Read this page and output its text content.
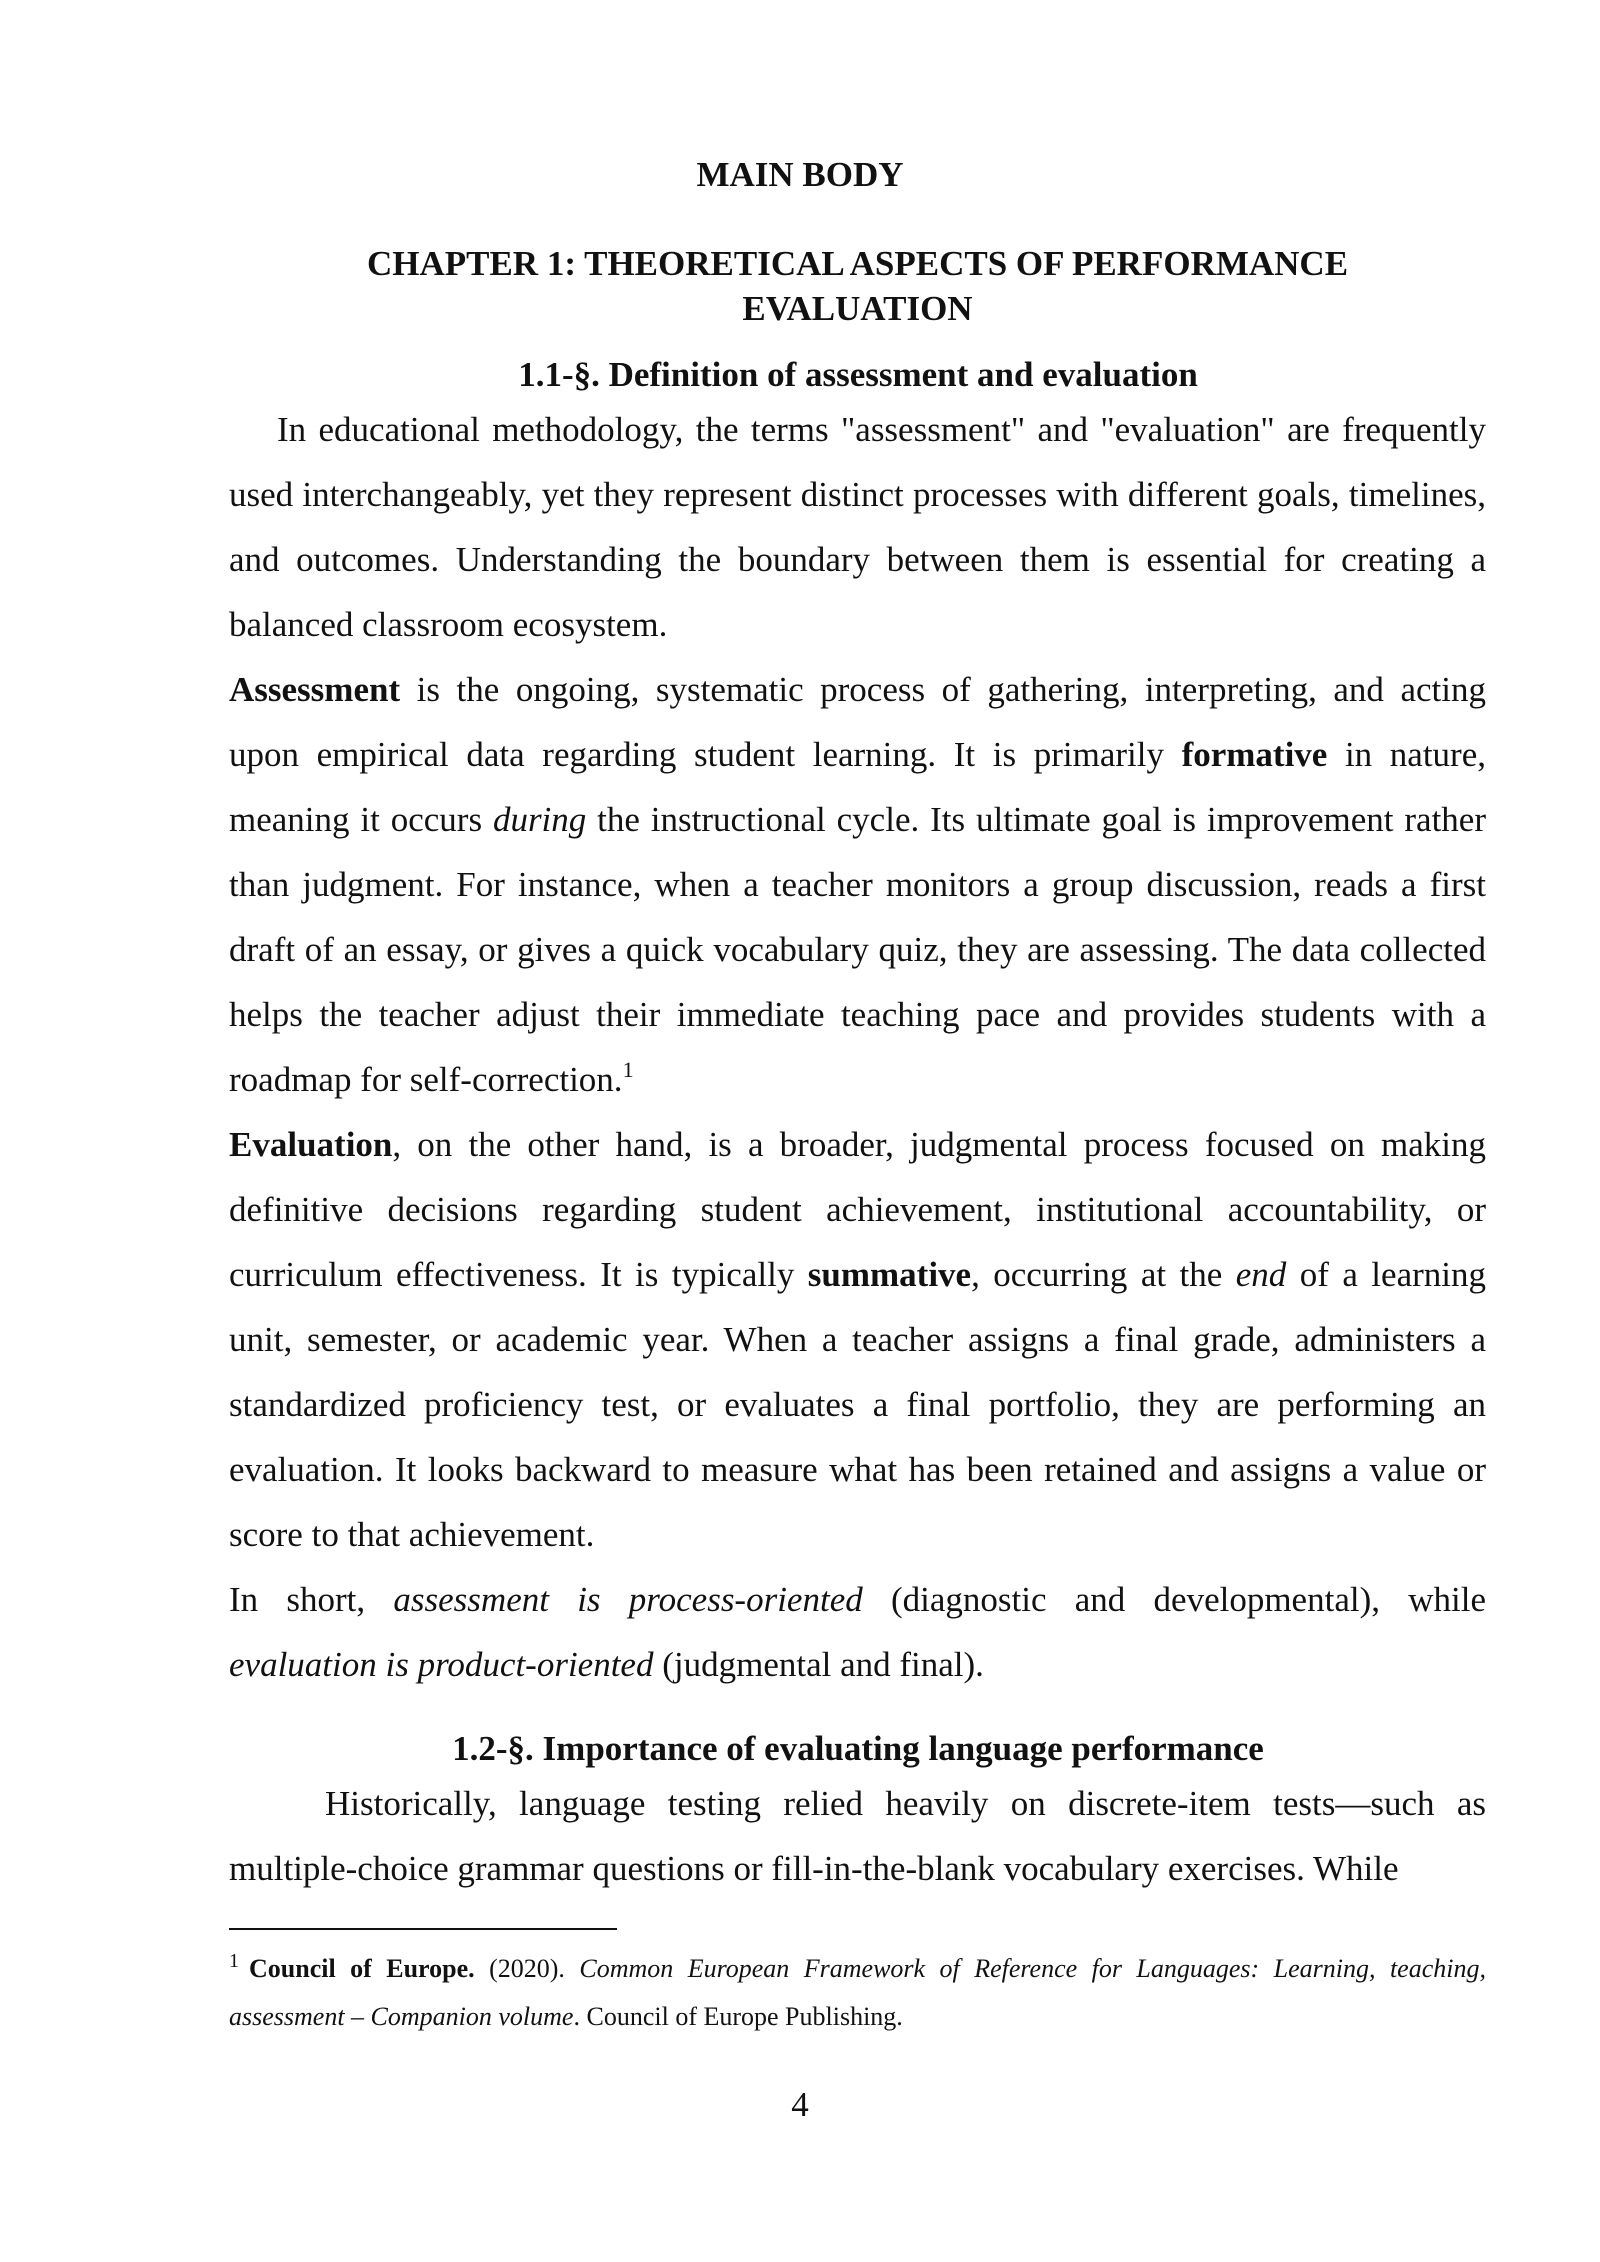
MAIN BODY
CHAPTER 1: THEORETICAL ASPECTS OF PERFORMANCE EVALUATION
1.1-§. Definition of assessment and evaluation

In educational methodology, the terms "assessment" and "evaluation" are frequently used interchangeably, yet they represent distinct processes with different goals, timelines, and outcomes. Understanding the boundary between them is essential for creating a balanced classroom ecosystem.

Assessment is the ongoing, systematic process of gathering, interpreting, and acting upon empirical data regarding student learning. It is primarily formative in nature, meaning it occurs during the instructional cycle. Its ultimate goal is improvement rather than judgment. For instance, when a teacher monitors a group discussion, reads a first draft of an essay, or gives a quick vocabulary quiz, they are assessing. The data collected helps the teacher adjust their immediate teaching pace and provides students with a roadmap for self-correction.$^1$

Evaluation, on the other hand, is a broader, judgmental process focused on making definitive decisions regarding student achievement, institutional accountability, or curriculum effectiveness. It is typically summative, occurring at the end of a learning unit, semester, or academic year. When a teacher assigns a final grade, administers a standardized proficiency test, or evaluates a final portfolio, they are performing an evaluation. It looks backward to measure what has been retained and assigns a value or score to that achievement.

In short, assessment is process-oriented (diagnostic and developmental), while evaluation is product-oriented (judgmental and final).

1.2-§. Importance of evaluating language performance

Historically, language testing relied heavily on discrete-item tests—such as multiple-choice grammar questions or fill-in-the-blank vocabulary exercises. While

$^1$ Council of Europe. (2020). Common European Framework of Reference for Languages: Learning, teaching, assessment – Companion volume. Council of Europe Publishing.
4
